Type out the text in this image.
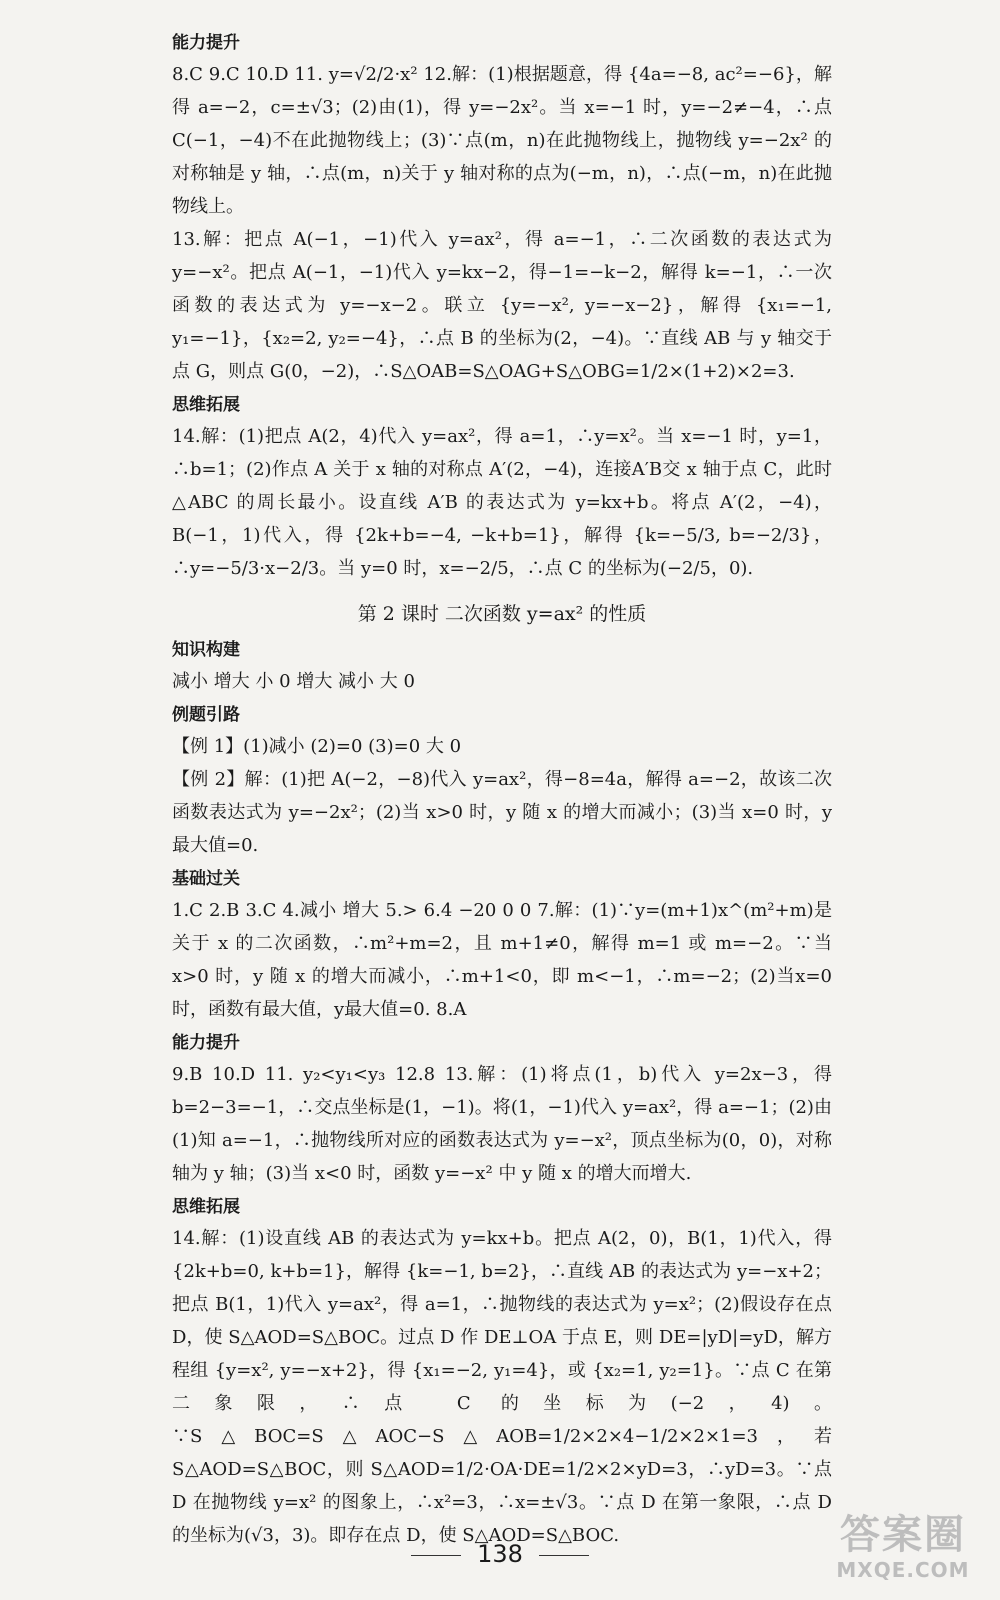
能力提升

8.C 9.C 10.D 11. y=√2/2·x² 12.解：(1)根据题意，得 {4a=−8, ac²=−6}，解得 a=−2，c=±√3；(2)由(1)，得 y=−2x²。当 x=−1 时，y=−2≠−4，∴点 C(−1，−4)不在此抛物线上；(3)∵点(m，n)在此抛物线上，抛物线 y=−2x² 的对称轴是 y 轴，∴点(m，n)关于 y 轴对称的点为(−m，n)，∴点(−m，n)在此抛物线上。

13.解：把点 A(−1，−1)代入 y=ax²，得 a=−1，∴二次函数的表达式为 y=−x²。把点 A(−1，−1)代入 y=kx−2，得−1=−k−2，解得 k=−1，∴一次函数的表达式为 y=−x−2。联立 {y=−x², y=−x−2}，解得 {x₁=−1, y₁=−1}，{x₂=2, y₂=−4}，∴点 B 的坐标为(2，−4)。∵直线 AB 与 y 轴交于点 G，则点 G(0，−2)，∴S△OAB=S△OAG+S△OBG=1/2×(1+2)×2=3.

思维拓展

14.解：(1)把点 A(2，4)代入 y=ax²，得 a=1，∴y=x²。当 x=−1 时，y=1，∴b=1；(2)作点 A 关于 x 轴的对称点 A′(2，−4)，连接A′B交 x 轴于点 C，此时△ABC 的周长最小。设直线 A′B 的表达式为 y=kx+b。将点 A′(2，−4)，B(−1，1)代入，得 {2k+b=−4, −k+b=1}，解得 {k=−5/3, b=−2/3}，∴y=−5/3·x−2/3。当 y=0 时，x=−2/5，∴点 C 的坐标为(−2/5，0).

第 2 课时 二次函数 y=ax² 的性质

知识构建

减小 增大 小 0 增大 减小 大 0

例题引路

【例 1】(1)减小 (2)=0 (3)=0 大 0

【例 2】解：(1)把 A(−2，−8)代入 y=ax²，得−8=4a，解得 a=−2，故该二次函数表达式为 y=−2x²；(2)当 x>0 时，y 随 x 的增大而减小；(3)当 x=0 时，y最大值=0.

基础过关

1.C 2.B 3.C 4.减小 增大 5.> 6.4 −20 0 0 7.解：(1)∵y=(m+1)x^(m²+m)是关于 x 的二次函数，∴m²+m=2，且 m+1≠0，解得 m=1 或 m=−2。∵当 x>0 时，y 随 x 的增大而减小，∴m+1<0，即 m<−1，∴m=−2；(2)当x=0 时，函数有最大值，y最大值=0. 8.A

能力提升

9.B 10.D 11. y₂<y₁<y₃ 12.8 13.解：(1)将点(1，b)代入 y=2x−3，得 b=2−3=−1，∴交点坐标是(1，−1)。将(1，−1)代入 y=ax²，得 a=−1；(2)由(1)知 a=−1，∴抛物线所对应的函数表达式为 y=−x²，顶点坐标为(0，0)，对称轴为 y 轴；(3)当 x<0 时，函数 y=−x² 中 y 随 x 的增大而增大.

思维拓展

14.解：(1)设直线 AB 的表达式为 y=kx+b。把点 A(2，0)，B(1，1)代入，得 {2k+b=0, k+b=1}，解得 {k=−1, b=2}，∴直线 AB 的表达式为 y=−x+2；把点 B(1，1)代入 y=ax²，得 a=1，∴抛物线的表达式为 y=x²；(2)假设存在点 D，使 S△AOD=S△BOC。过点 D 作 DE⊥OA 于点 E，则 DE=|yD|=yD，解方程组 {y=x², y=−x+2}，得 {x₁=−2, y₁=4}，或 {x₂=1, y₂=1}。∵点 C 在第二象限，∴点 C 的坐标为(−2，4)。∵S△BOC=S△AOC−S△AOB=1/2×2×4−1/2×2×1=3，若 S△AOD=S△BOC，则 S△AOD=1/2·OA·DE=1/2×2×yD=3，∴yD=3。∵点 D 在抛物线 y=x² 的图象上，∴x²=3，∴x=±√3。∵点 D 在第一象限，∴点 D 的坐标为(√3，3)。即存在点 D，使 S△AOD=S△BOC.

138	答案圈
MXQE.COM
